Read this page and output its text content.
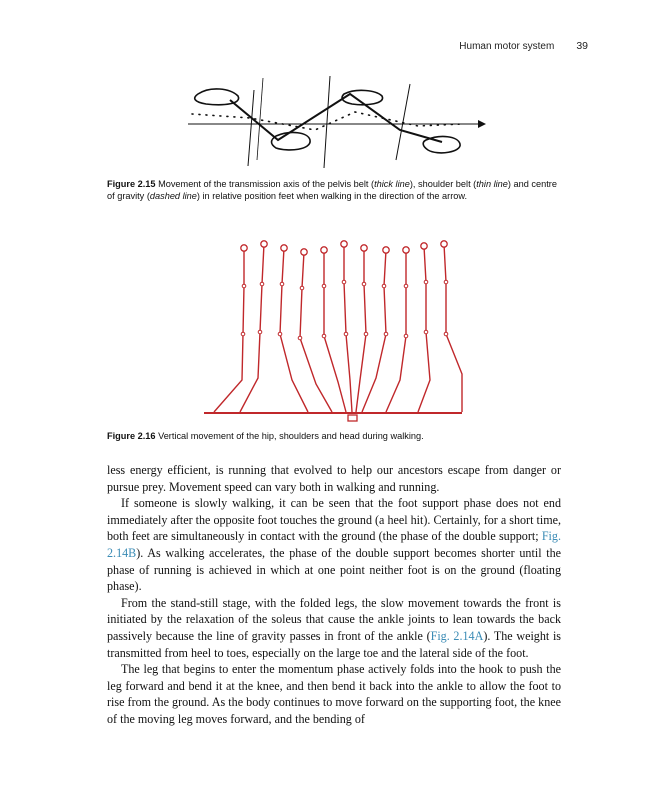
Human motor system 39
Figure 2.15 Movement of the transmission axis of the pelvis belt (thick line), shoulder belt (thin line) and centre of gravity (dashed line) in relative position feet when walking in the direction of the arrow.
Figure 2.16 Vertical movement of the hip, shoulders and head during walking.

less energy efficient, is running that evolved to help our ancestors escape from danger or pursue prey. Movement speed can vary both in walking and running.

If someone is slowly walking, it can be seen that the foot support phase does not end immediately after the opposite foot touches the ground (a heel hit). Certainly, for a short time, both feet are simultaneously in contact with the ground (the phase of the double support; Fig. 2.14B). As walking accelerates, the phase of the double support becomes shorter until the phase of running is achieved in which at one point neither foot is on the ground (floating phase).

From the stand-still stage, with the folded legs, the slow movement towards the front is initiated by the relaxation of the soleus that cause the ankle joints to lean towards the back passively because the line of gravity passes in front of the ankle (Fig. 2.14A). The weight is transmitted from heel to toes, especially on the large toe and the lateral side of the foot.

The leg that begins to enter the momentum phase actively folds into the hook to push the leg forward and bend it at the knee, and then bend it back into the ankle to allow the foot to rise from the ground. As the body continues to move forward on the supporting foot, the knee of the moving leg moves forward, and the bending of
